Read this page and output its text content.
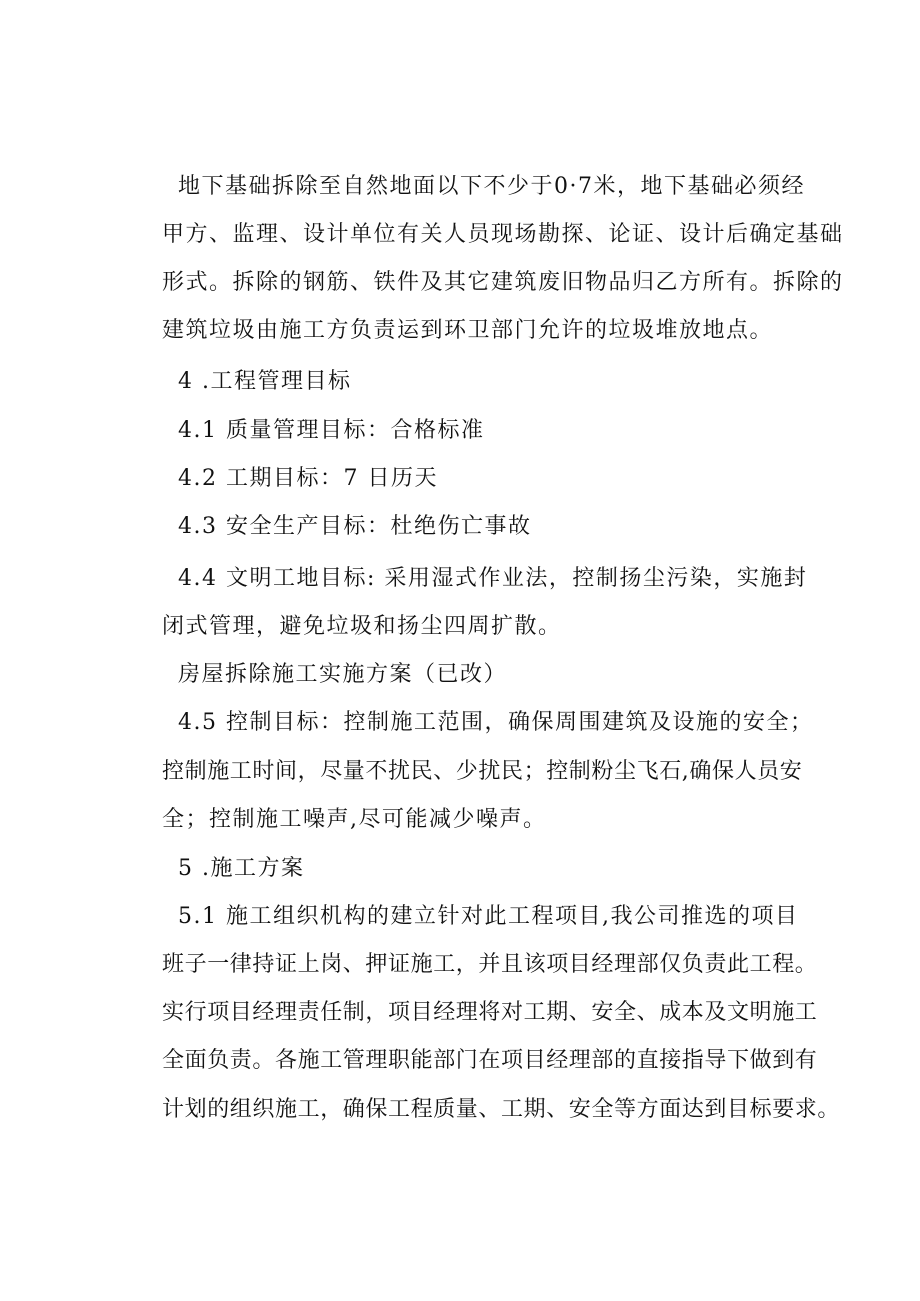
地下基础拆除至自然地面以下不少于0·7米，地下基础必须经
甲方、监理、设计单位有关人员现场勘探、论证、设计后确定基础
形式。拆除的钢筋、铁件及其它建筑废旧物品归乙方所有。拆除的
建筑垃圾由施工方负责运到环卫部门允许的垃圾堆放地点。
4 .工程管理目标
4.1 质量管理目标：合格标准
4.2 工期目标：7 日历天
4.3 安全生产目标：杜绝伤亡事故
4.4 文明工地目标: 采用湿式作业法，控制扬尘污染，实施封
闭式管理，避免垃圾和扬尘四周扩散。
房屋拆除施工实施方案（已改）
4.5 控制目标：控制施工范围，确保周围建筑及设施的安全；
控制施工时间，尽量不扰民、少扰民；控制粉尘飞石,确保人员安
全；控制施工噪声,尽可能减少噪声。
5 .施工方案
5.1 施工组织机构的建立针对此工程项目,我公司推选的项目
班子一律持证上岗、押证施工，并且该项目经理部仅负责此工程。
实行项目经理责任制，项目经理将对工期、安全、成本及文明施工
全面负责。各施工管理职能部门在项目经理部的直接指导下做到有
计划的组织施工，确保工程质量、工期、安全等方面达到目标要求。
